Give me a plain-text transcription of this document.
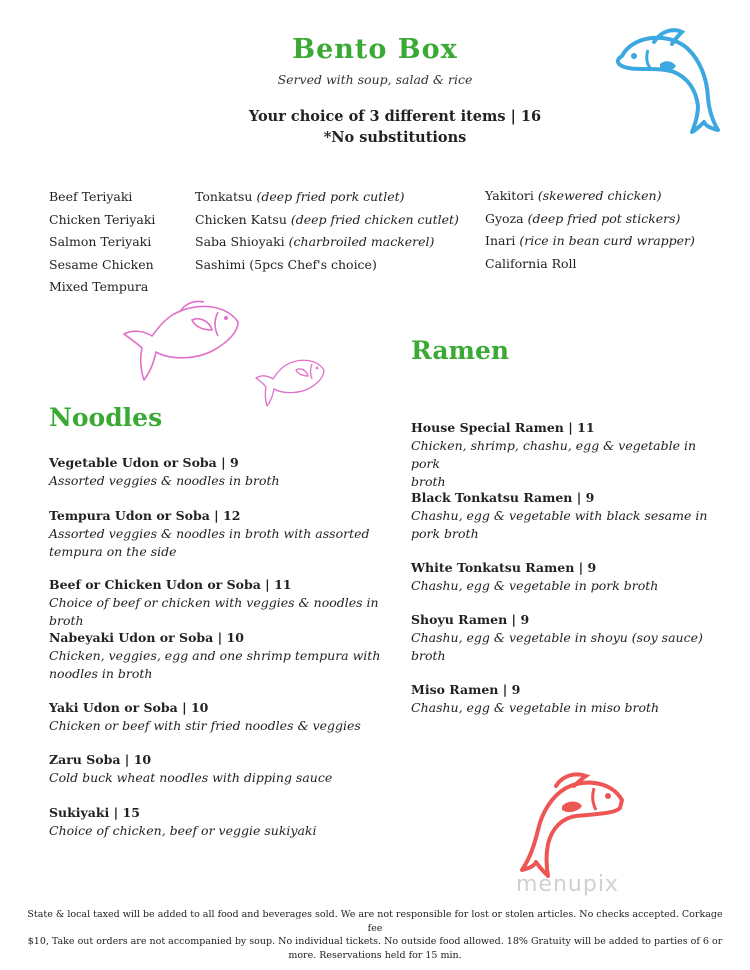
Bento Box
Served with soup, salad & rice
Your choice of 3 different items | 16
*No substitutions
Beef Teriyaki
Chicken Teriyaki
Salmon Teriyaki
Sesame Chicken
Mixed Tempura
Tonkatsu (deep fried pork cutlet)
Chicken Katsu (deep fried chicken cutlet)
Saba Shioyaki (charbroiled mackerel)
Sashimi (5pcs Chef's choice)
Yakitori (skewered chicken)
Gyoza (deep fried pot stickers)
Inari (rice in bean curd wrapper)
California Roll
Noodles
Ramen
Vegetable Udon or Soba | 9
Assorted veggies & noodles in broth
Tempura Udon or Soba | 12
Assorted veggies & noodles in broth with assorted
tempura on the side
Beef or Chicken Udon or Soba | 11
Choice of beef or chicken with veggies & noodles in broth
Nabeyaki Udon or Soba | 10
Chicken, veggies, egg and one shrimp tempura with
noodles in broth
Yaki Udon or Soba | 10
Chicken or beef with stir fried noodles & veggies
Zaru Soba | 10
Cold buck wheat noodles with dipping sauce
Sukiyaki | 15
Choice of chicken, beef or veggie sukiyaki
House Special Ramen | 11
Chicken, shrimp, chashu, egg & vegetable in pork
broth
Black Tonkatsu Ramen | 9
Chashu, egg & vegetable with black sesame in
pork broth
White Tonkatsu Ramen | 9
Chashu, egg & vegetable in pork broth
Shoyu Ramen | 9
Chashu, egg & vegetable in shoyu (soy sauce)
broth
Miso Ramen | 9
Chashu, egg & vegetable in miso broth
menupix
State & local taxed will be added to all food and beverages sold. We are not responsible for lost or stolen articles. No checks accepted. Corkage fee
$10, Take out orders are not accompanied by soup. No individual tickets. No outside food allowed. 18% Gratuity will be added to parties of 6 or
more. Reservations held for 15 min.
